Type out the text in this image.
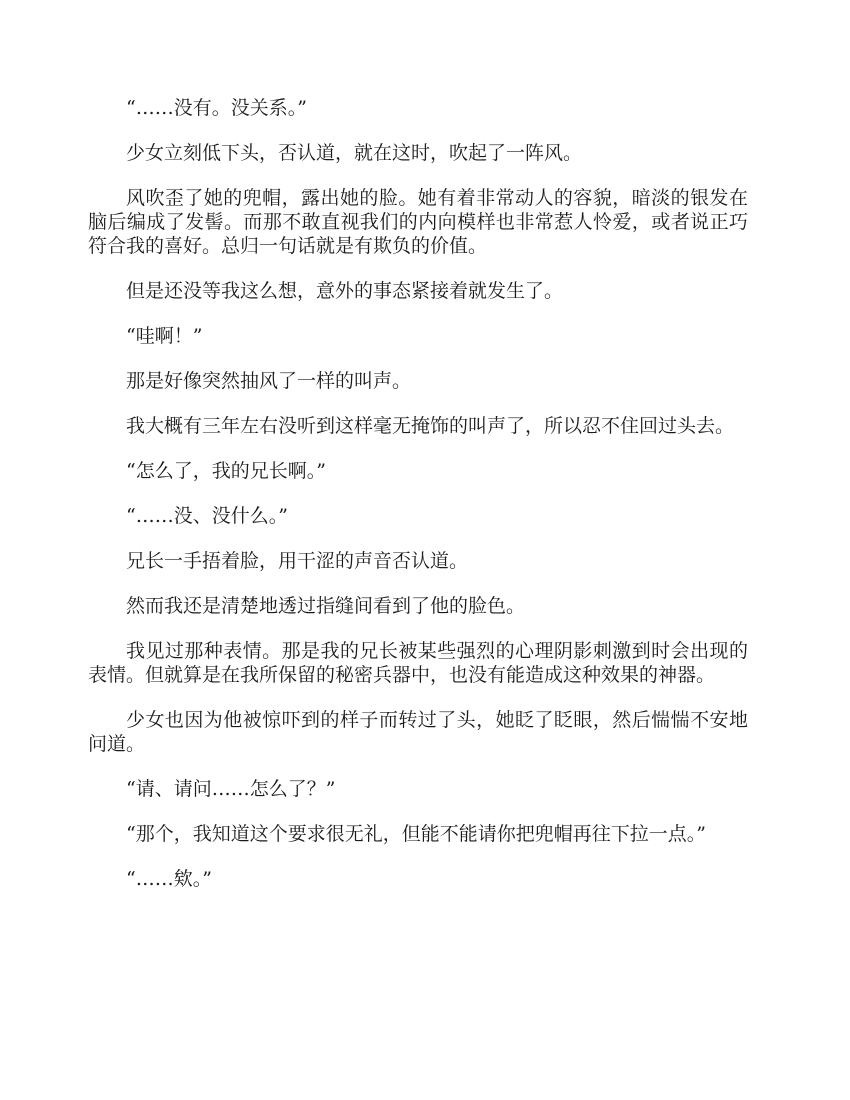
“……没有。没关系。”

少女立刻低下头，否认道，就在这时，吹起了一阵风。

风吹歪了她的兜帽，露出她的脸。她有着非常动人的容貌，暗淡的银发在脑后编成了发髻。而那不敢直视我们的内向模样也非常惹人怜爱，或者说正巧符合我的喜好。总归一句话就是有欺负的价值。

但是还没等我这么想，意外的事态紧接着就发生了。

“哇啊！”

那是好像突然抽风了一样的叫声。

我大概有三年左右没听到这样毫无掩饰的叫声了，所以忍不住回过头去。

“怎么了，我的兄长啊。”

“……没、没什么。”

兄长一手捂着脸，用干涩的声音否认道。

然而我还是清楚地透过指缝间看到了他的脸色。

我见过那种表情。那是我的兄长被某些强烈的心理阴影刺激到时会出现的表情。但就算是在我所保留的秘密兵器中，也没有能造成这种效果的神器。

少女也因为他被惊吓到的样子而转过了头，她眨了眨眼，然后惴惴不安地问道。

“请、请问……怎么了？”

“那个，我知道这个要求很无礼，但能不能请你把兜帽再往下拉一点。”

“……欸。”
